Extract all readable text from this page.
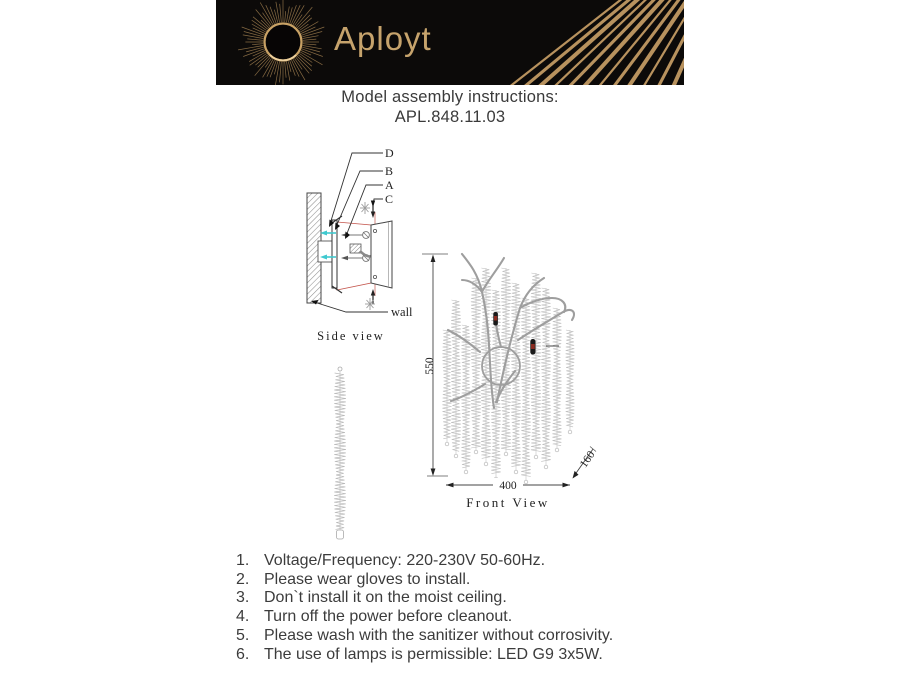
Aployt
Model assembly instructions:
APL.848.11.03
D
B
A
C
wall
Side view
550
400
160
Front View
1. Voltage/Frequency: 220-230V 50-60Hz.
2. Please wear gloves to install.
3. Don`t install it on the moist ceiling.
4. Turn off the power before cleanout.
5. Please wash with the sanitizer without corrosivity.
6. The use of lamps is permissible: LED G9 3x5W.
